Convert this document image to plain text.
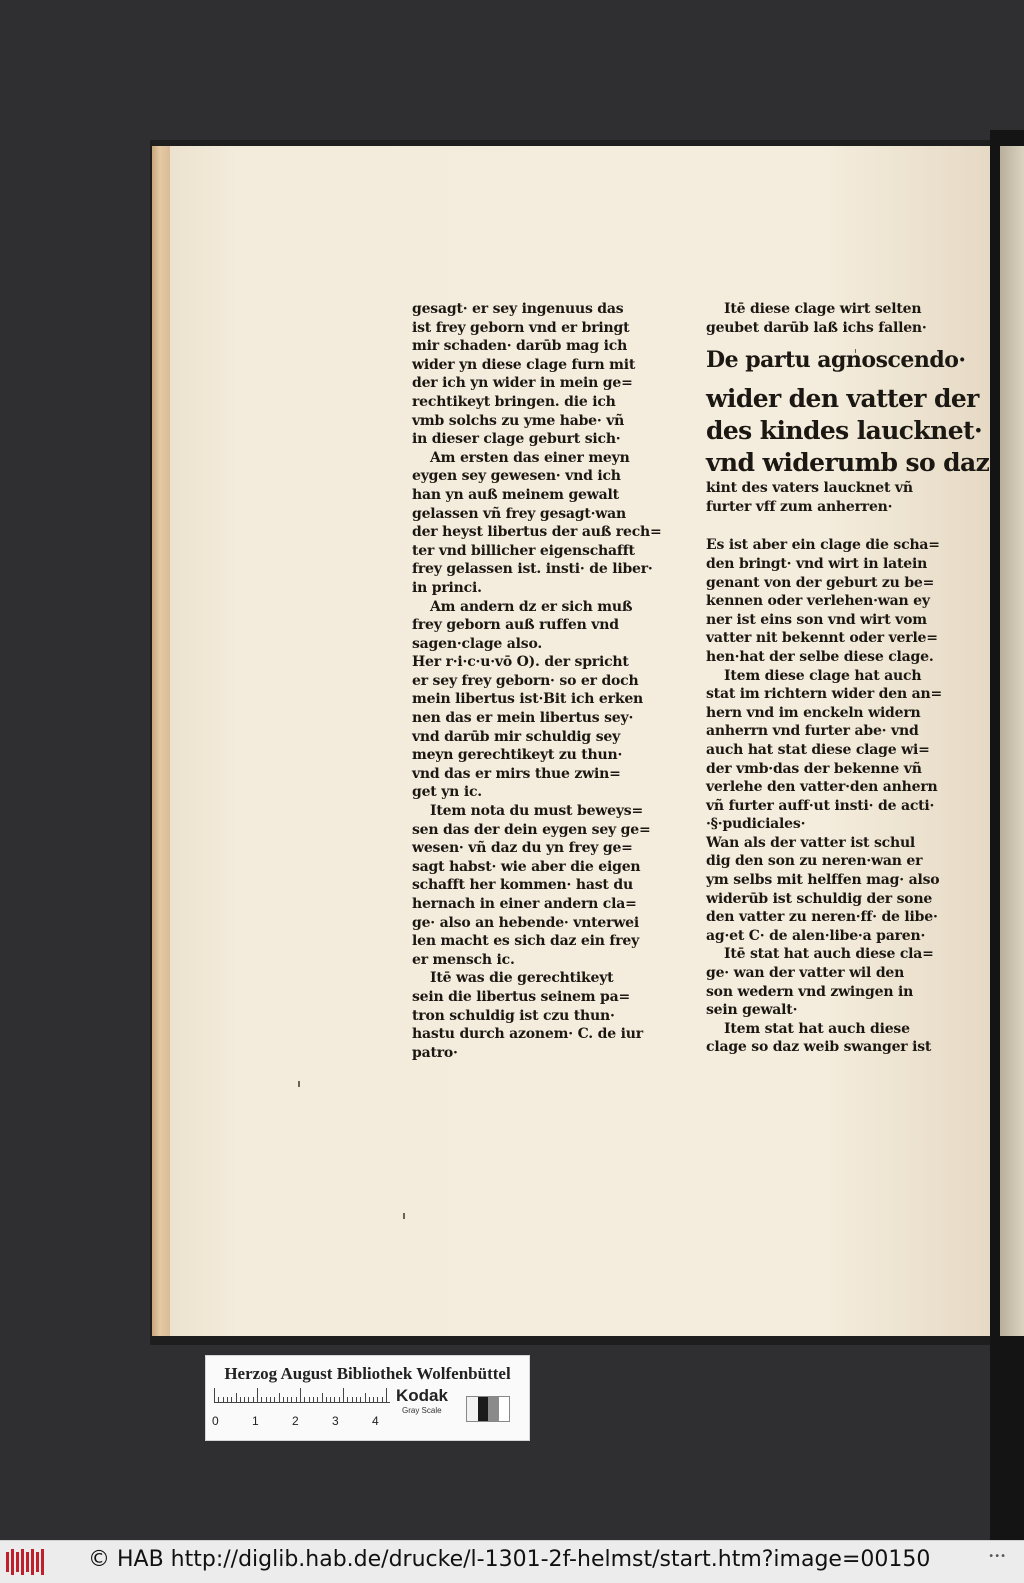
gesagt· er sey ingenuus das
ist frey geborn vnd er bringt
mir schaden· darūb mag ich
wider yn diese clage furn mit
der ich yn wider in mein ge=
rechtikeyt bringen. die ich
vmb solchs zu yme habe· vñ
in dieser clage geburt sich·
Am ersten das einer meyn
eygen sey gewesen· vnd ich
han yn auß meinem gewalt
gelassen vñ frey gesagt·wan
der heyst libertus der auß rech=
ter vnd billicher eigenschafft
frey gelassen ist. insti· de liber·
in princi.
Am andern dz er sich muß
frey geborn auß ruffen vnd
sagen·clage also.
Her r·i·c·u·vō O). der spricht
er sey frey geborn· so er doch
mein libertus ist·Bit ich erken
nen das er mein libertus sey·
vnd darūb mir schuldig sey
meyn gerechtikeyt zu thun·
vnd das er mirs thue zwin=
get yn ic.
Item nota du must beweys=
sen das der dein eygen sey ge=
wesen· vñ daz du yn frey ge=
sagt habst· wie aber die eigen
schafft her kommen· hast du
hernach in einer andern cla=
ge· also an hebende· vnterwei
len macht es sich daz ein frey
er mensch ic.
Itē was die gerechtikeyt
sein die libertus seinem pa=
tron schuldig ist czu thun·
hastu durch azonem· C. de iur
patro·
Itē diese clage wirt selten
geubet darūb laß ichs fallen·
De partu agnoscendo·
wider den vatter der
des kindes laucknet·
vnd widerumb so daz
kint des vaters laucknet vñ
furter vff zum anherren·
Es ist aber ein clage die scha=
den bringt· vnd wirt in latein
genant von der geburt zu be=
kennen oder verlehen·wan ey
ner ist eins son vnd wirt vom
vatter nit bekennt oder verle=
hen·hat der selbe diese clage.
Item diese clage hat auch
stat im richtern wider den an=
hern vnd im enckeln widern
anherrn vnd furter abe· vnd
auch hat stat diese clage wi=
der vmb·das der bekenne vñ
verlehe den vatter·den anhern
vñ furter auff·ut insti· de acti·
·§·pudiciales·
Wan als der vatter ist schul
dig den son zu neren·wan er
ym selbs mit helffen mag· also
widerūb ist schuldig der sone
den vatter zu neren·ff· de libe·
ag·et C· de alen·libe·a paren·
Itē stat hat auch diese cla=
ge· wan der vatter wil den
son wedern vnd zwingen in
sein gewalt·
Item stat hat auch diese
clage so daz weib swanger ist
Herzog August Bibliothek Wolfenbüttel
0	1	2	3	4
Kodak
Gray Scale
© HAB http://diglib.hab.de/drucke/l-1301-2f-helmst/start.htm?image=00150	•••
